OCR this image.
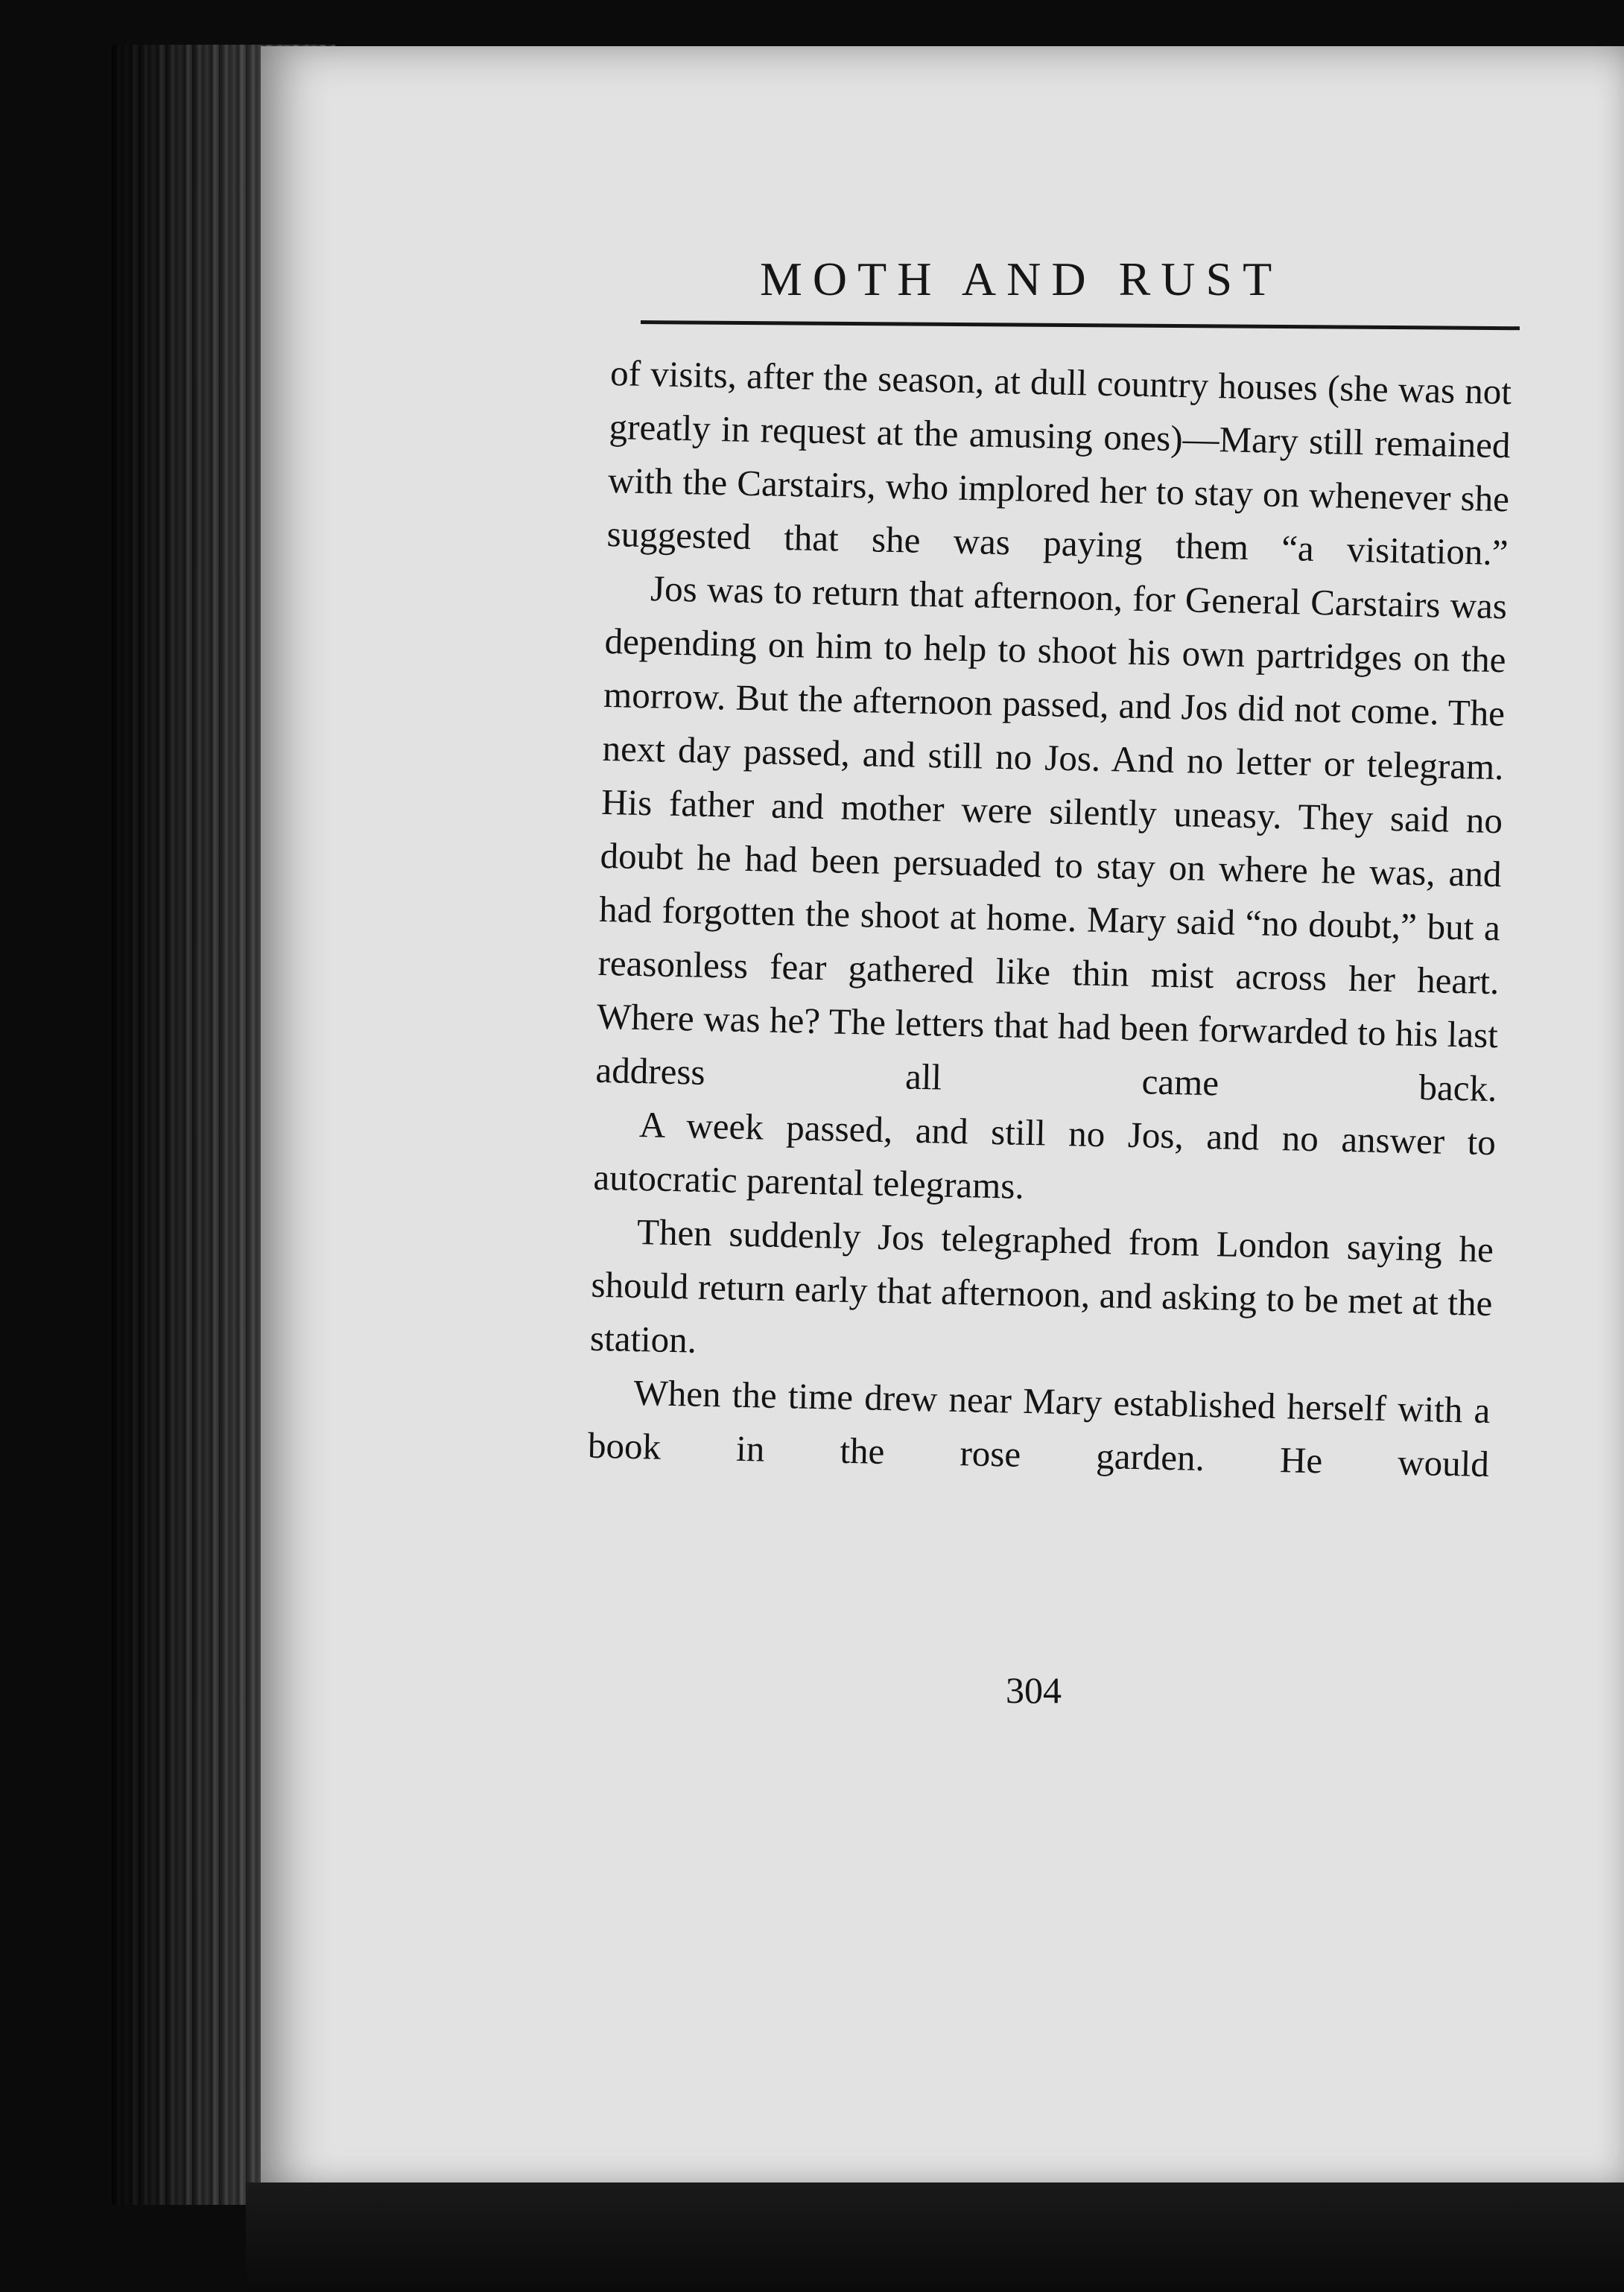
MOTH AND RUST

of visits, after the season, at dull country houses (she was not greatly in request at the amusing ones)—Mary still remained with the Carstairs, who implored her to stay on whenever she suggested that she was paying them “a visitation.”

Jos was to return that afternoon, for General Carstairs was depending on him to help to shoot his own partridges on the morrow. But the afternoon passed, and Jos did not come. The next day passed, and still no Jos. And no letter or telegram. His father and mother were silently uneasy. They said no doubt he had been persuaded to stay on where he was, and had forgotten the shoot at home. Mary said “no doubt,” but a reasonless fear gathered like thin mist across her heart. Where was he? The letters that had been forwarded to his last address all came back.

A week passed, and still no Jos, and no answer to autocratic parental telegrams.

Then suddenly Jos telegraphed from London saying he should return early that afternoon, and asking to be met at the station.

When the time drew near Mary established herself with a book in the rose garden. He would

304
